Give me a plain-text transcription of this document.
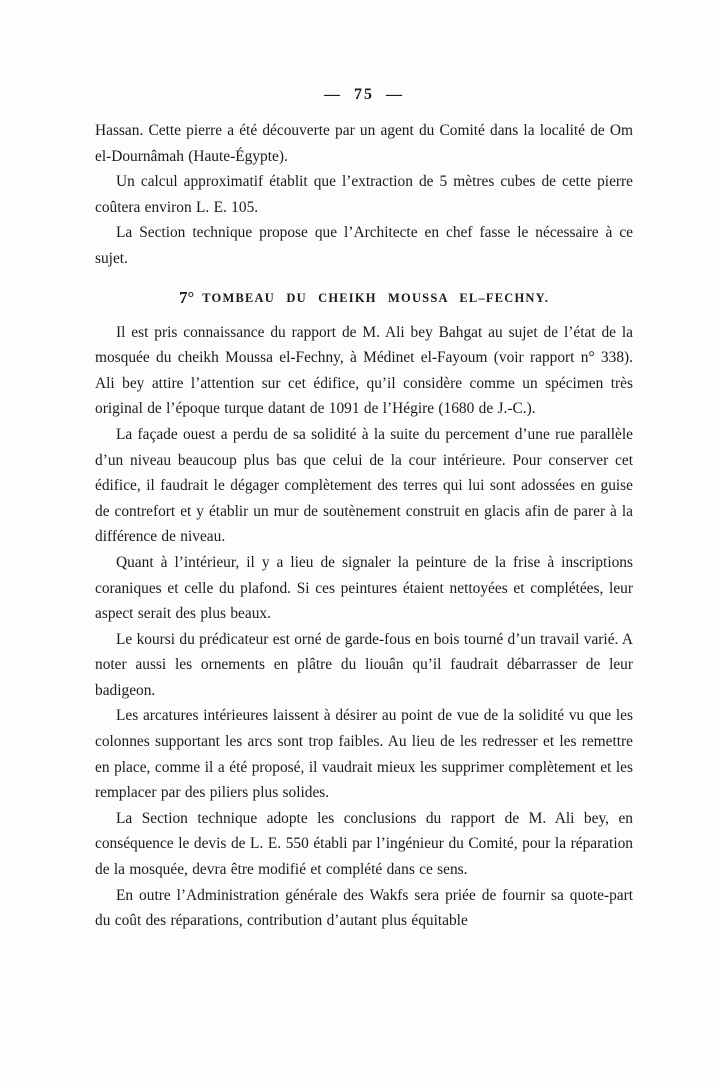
— 75 —

Hassan. Cette pierre a été découverte par un agent du Comité dans la localité de Om el-Dournâmah (Haute-Égypte).

Un calcul approximatif établit que l’extraction de 5 mètres cubes de cette pierre coûtera environ L. E. 105.

La Section technique propose que l’Architecte en chef fasse le nécessaire à ce sujet.

7° TOMBEAU DU CHEIKH MOUSSA EL–FECHNY.

Il est pris connaissance du rapport de M. Ali bey Bahgat au sujet de l’état de la mosquée du cheikh Moussa el-Fechny, à Médinet el-Fayoum (voir rapport n° 338). Ali bey attire l’attention sur cet édifice, qu’il considère comme un spécimen très original de l’époque turque datant de 1091 de l’Hégire (1680 de J.-C.).

La façade ouest a perdu de sa solidité à la suite du percement d’une rue parallèle d’un niveau beaucoup plus bas que celui de la cour intérieure. Pour conserver cet édifice, il faudrait le dégager complètement des terres qui lui sont adossées en guise de contrefort et y établir un mur de soutènement construit en glacis afin de parer à la différence de niveau.

Quant à l’intérieur, il y a lieu de signaler la peinture de la frise à inscriptions coraniques et celle du plafond. Si ces peintures étaient nettoyées et complétées, leur aspect serait des plus beaux.

Le koursi du prédicateur est orné de garde-fous en bois tourné d’un travail varié. A noter aussi les ornements en plâtre du liouân qu’il faudrait débarrasser de leur badigeon.

Les arcatures intérieures laissent à désirer au point de vue de la solidité vu que les colonnes supportant les arcs sont trop faibles. Au lieu de les redresser et les remettre en place, comme il a été proposé, il vaudrait mieux les supprimer complètement et les remplacer par des piliers plus solides.

La Section technique adopte les conclusions du rapport de M. Ali bey, en conséquence le devis de L. E. 550 établi par l’ingénieur du Comité, pour la réparation de la mosquée, devra être modifié et complété dans ce sens.

En outre l’Administration générale des Wakfs sera priée de fournir sa quote-part du coût des réparations, contribution d’autant plus équitable
